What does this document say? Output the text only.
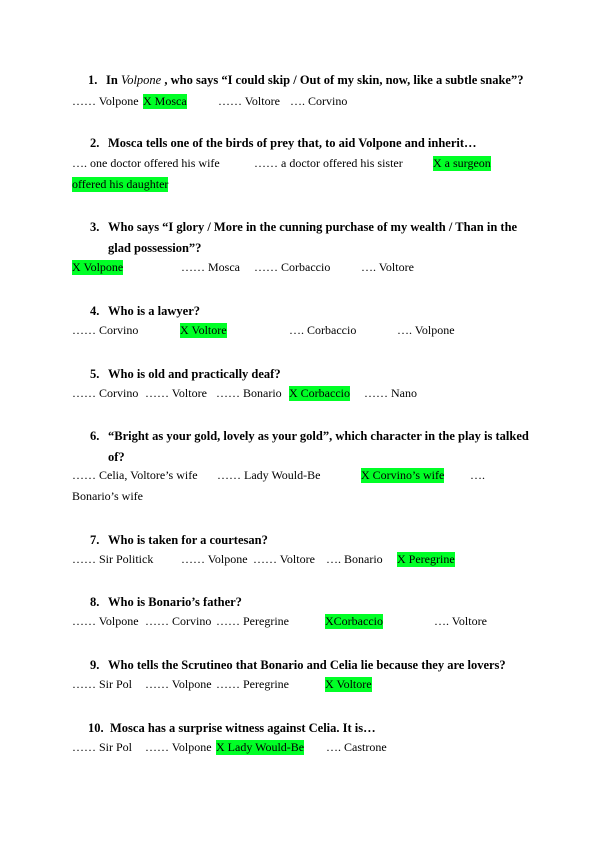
1. In Volpone , who says “I could skip / Out of my skin, now, like a subtle snake”?
…… Volpone X Mosca	…… Voltore …. Corvino
2. Mosca tells one of the birds of prey that, to aid Volpone and inherit…
…. one doctor offered his wife	…… a doctor offered his sister	X a surgeon
offered his daughter
3. Who says “I glory / More in the cunning purchase of my wealth / Than in the glad possession”?
X Volpone	…… Mosca …… Corbaccio	…. Voltore
4. Who is a lawyer?
…… Corvino	X Voltore	…. Corbaccio	…. Volpone
5. Who is old and practically deaf?
…… Corvino …… Voltore …… Bonario X Corbaccio …… Nano
6. “Bright as your gold, lovely as your gold”, which character in the play is talked of?
…… Celia, Voltore’s wife …… Lady Would-Be	X Corvino’s wife ….
Bonario’s wife
7. Who is taken for a courtesan?
…… Sir Politick …… Volpone …… Voltore …. Bonario X Peregrine
8. Who is Bonario’s father?
…… Volpone …… Corvino …… Peregrine	XCorbaccio	…. Voltore
9. Who tells the Scrutineo that Bonario and Celia lie because they are lovers?
…… Sir Pol …… Volpone …… Peregrine	X Voltore
10. Mosca has a surprise witness against Celia. It is…
…… Sir Pol …… Volpone X Lady Would-Be …. Castrone
